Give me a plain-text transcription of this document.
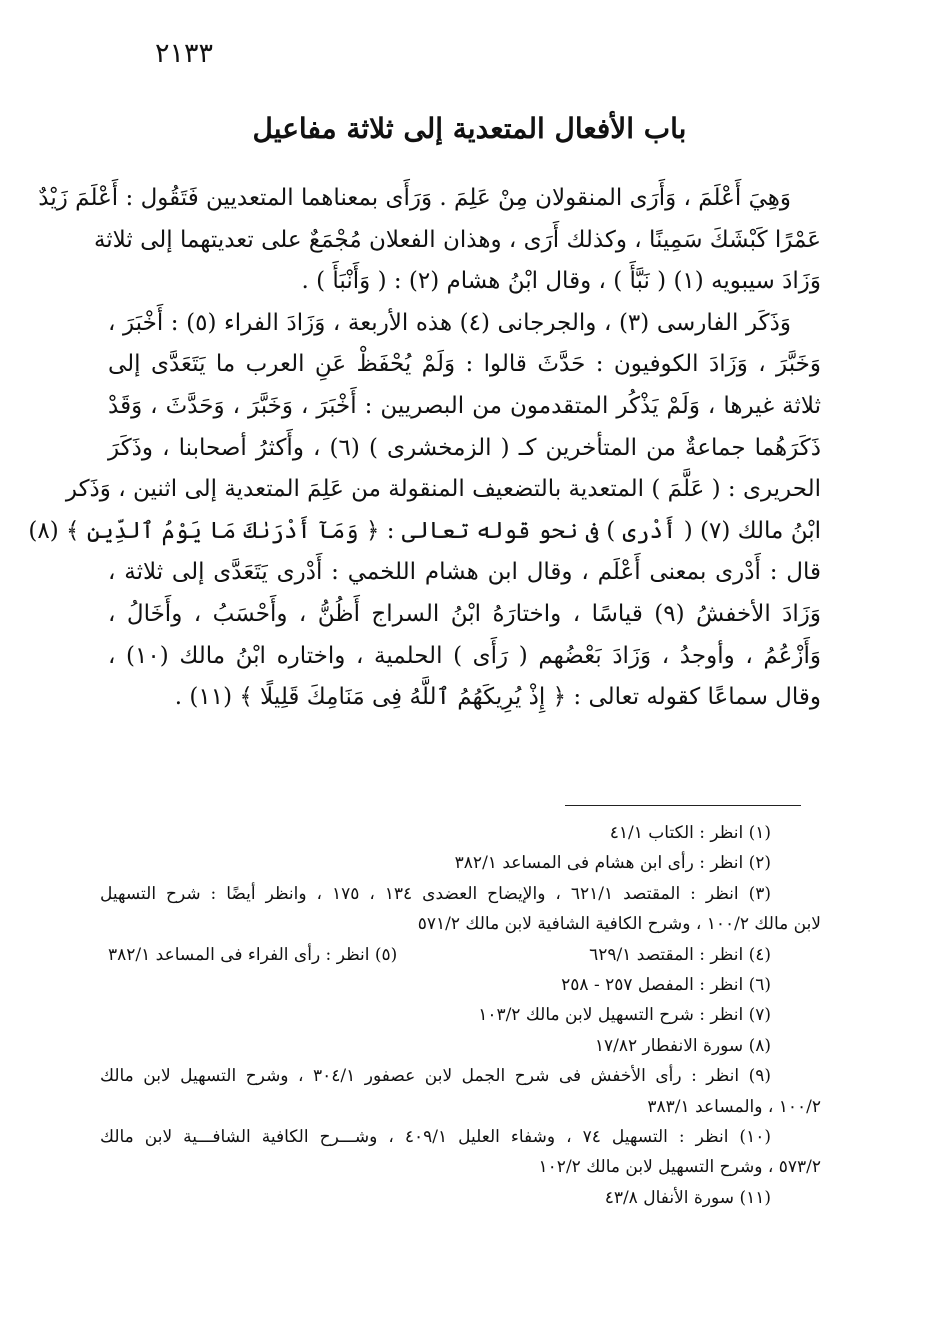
٢١٣٣
باب الأفعال المتعدية إلى ثلاثة مفاعيل
وَهِيَ أَعْلَمَ ، وَأَرَى المنقولان مِنْ عَلِمَ . وَرَأَى بمعناهما المتعديين فَتَقُول : أَعْلَمَ زَيْدٌ
عَمْرًا كَبْشَكَ سَمِينًا ، وكذلك أَرَى ، وهذان الفعلان مُجْمَعٌ على تعديتهما إلى ثلاثة
وَزَادَ سيبويه (١) ( نَبَّأَ ) ، وقال ابْنُ هشام (٢) : ( وَأَنْبَأَ ) .
وَذَكَر الفارسى (٣) ، والجرجانى (٤) هذه الأربعة ، وَزَادَ الفراء (٥) : أَخْبَرَ ،
وَخَبَّرَ ، وَزَادَ الكوفيون : حَدَّثَ قالوا : وَلَمْ يُحْفَظْ عَنِ العرب ما يَتَعَدَّى إلى
ثلاثة غيرها ، وَلَمْ يَذْكُر المتقدمون من البصريين : أَخْبَرَ ، وَخَبَّرَ ، وَحَدَّثَ ، وَقَدْ
ذَكَرَهُما جماعةٌ من المتأخرين كـ ( الزمخشرى ) (٦) ، وأَكثرُ أصحابنا ، وذَكَرَ
الحريرى : ( عَلَّمَ ) المتعدية بالتضعيف المنقولة من عَلِمَ المتعدية إلى اثنين ، وَذَكر
ابْنُ مالك (٧) ( أَدْرى ) فى نحو قوله تعالى : ﴿ وَمَآ أَدْرَىٰكَ مَا يَوْمُ ٱلدِّينِ ﴾ (٨)
قال : أَدْرى بمعنى أَعْلَم ، وقال ابن هشام اللخمي : أَدْرى يَتَعَدَّى إلى ثلاثة ،
وَزَادَ الأخفشُ (٩) قياسًا ، واختارَهُ ابْنُ السراج أَظُنُّ ، وأَحْسَبُ ، وأَخَالُ ،
وَأَزْعُمُ ، وأوجدُ ، وَزَادَ بَعْضُهم ( رَأَى ) الحلمية ، واختاره ابْنُ مالك (١٠) ،
وقال سماعًا كقوله تعالى : ﴿ إِذْ يُرِيكَهُمُ ٱللَّهُ فِى مَنَامِكَ قَلِيلًا ﴾ (١١) .
(١) انظر : الكتاب ٤١/١
(٢) انظر : رأى ابن هشام فى المساعد ٣٨٢/١
(٣) انظر : المقتصد ٦٢١/١ ، والإيضاح العضدى ١٣٤ ، ١٧٥ ، وانظر أيضًا : شرح التسهيل
لابن مالك ١٠٠/٢ ، وشرح الكافية الشافية لابن مالك ٥٧١/٢
(٤) انظر : المقتصد ٦٢٩/١
(٥) انظر : رأى الفراء فى المساعد ٣٨٢/١
(٦) انظر : المفصل ٢٥٧ - ٢٥٨
(٧) انظر : شرح التسهيل لابن مالك ١٠٣/٢
(٨) سورة الانفطار ١٧/٨٢
(٩) انظر : رأى الأخفش فى شرح الجمل لابن عصفور ٣٠٤/١ ، وشرح التسهيل لابن مالك
١٠٠/٢ ، والمساعد ٣٨٣/١
(١٠) انظر : التسهيل ٧٤ ، وشفاء العليل ٤٠٩/١ ، وشـــرح الكافية الشافـــية لابن مالك
٥٧٣/٢ ، وشرح التسهيل لابن مالك ١٠٢/٢
(١١) سورة الأنفال ٤٣/٨
